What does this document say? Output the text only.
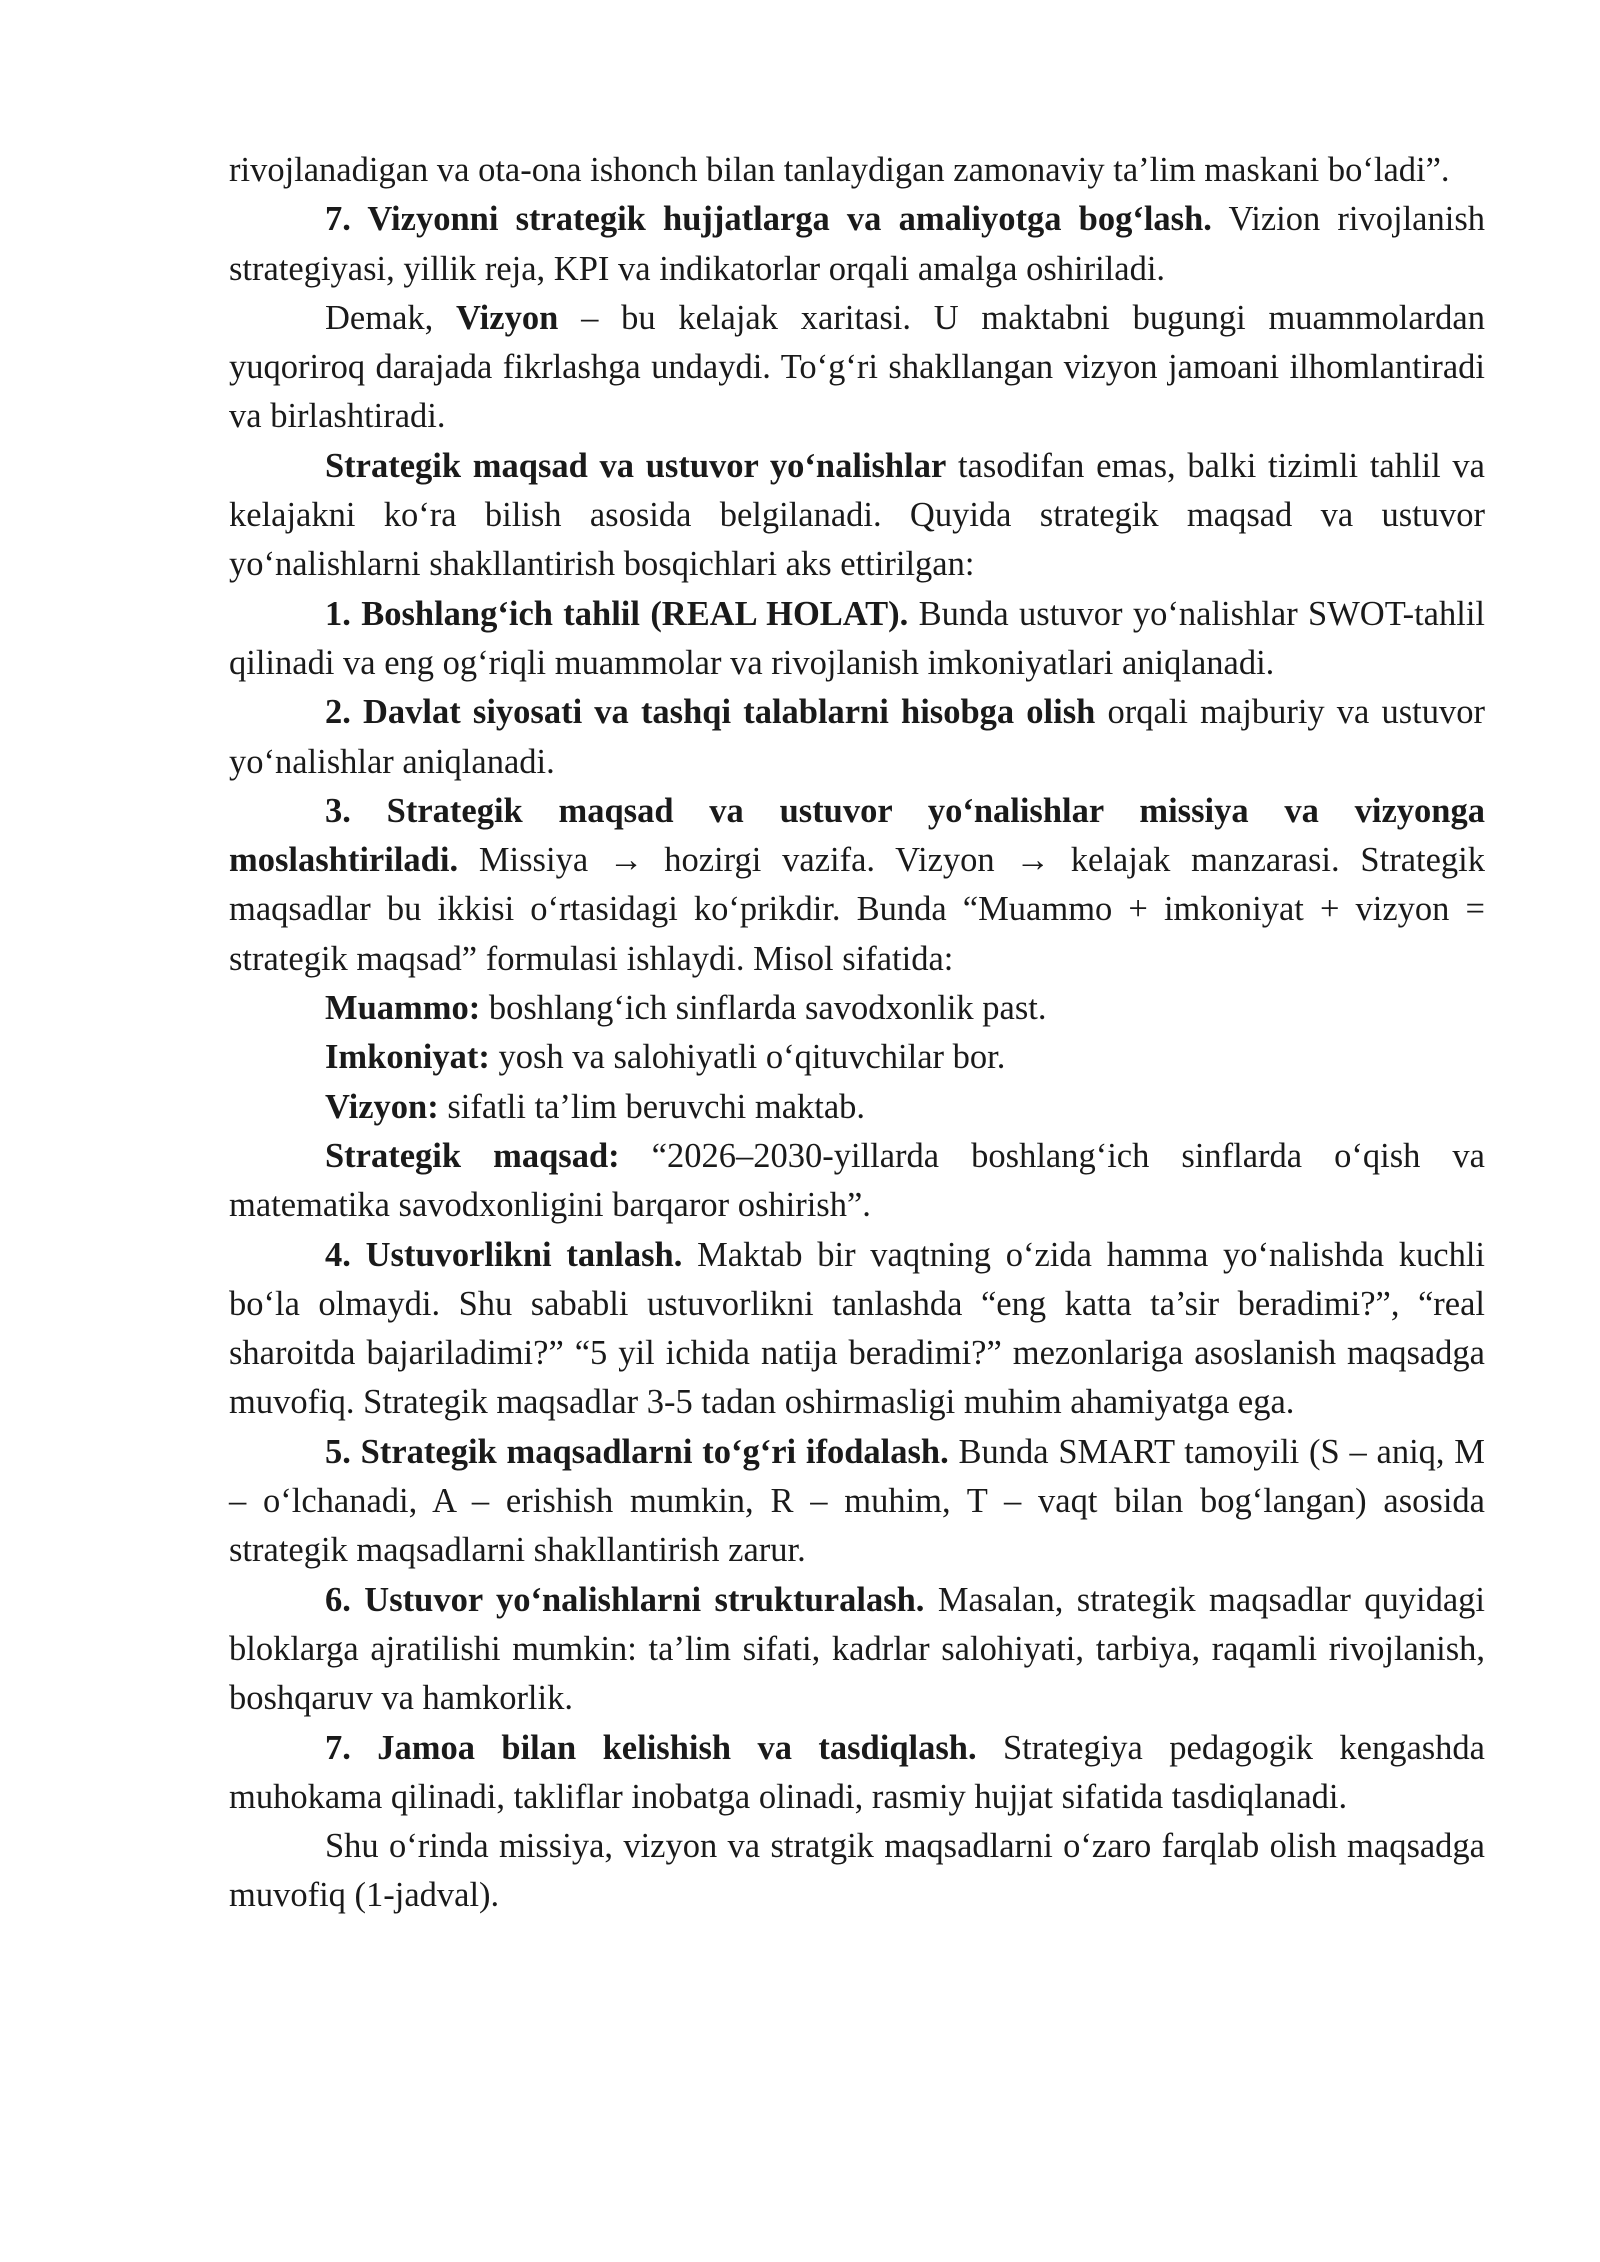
rivojlanadigan va ota-ona ishonch bilan tanlaydigan zamonaviy ta’lim maskani bo‘ladi”.

7. Vizyonni strategik hujjatlarga va amaliyotga bog‘lash. Vizion rivojlanish strategiyasi, yillik reja, KPI va indikatorlar orqali amalga oshiriladi.

Demak, Vizyon – bu kelajak xaritasi. U maktabni bugungi muammolardan yuqoriroq darajada fikrlashga undaydi. To‘g‘ri shakllangan vizyon jamoani ilhomlantiradi va birlashtiradi.

Strategik maqsad va ustuvor yo‘nalishlar tasodifan emas, balki tizimli tahlil va kelajakni ko‘ra bilish asosida belgilanadi. Quyida strategik maqsad va ustuvor yo‘nalishlarni shakllantirish bosqichlari aks ettirilgan:

1. Boshlang‘ich tahlil (REAL HOLAT). Bunda ustuvor yo‘nalishlar SWOT-tahlil qilinadi va eng og‘riqli muammolar va rivojlanish imkoniyatlari aniqlanadi.

2. Davlat siyosati va tashqi talablarni hisobga olish orqali majburiy va ustuvor yo‘nalishlar aniqlanadi.

3. Strategik maqsad va ustuvor yo‘nalishlar missiya va vizyonga moslashtiriladi. Missiya → hozirgi vazifa. Vizyon → kelajak manzarasi. Strategik maqsadlar bu ikkisi o‘rtasidagi ko‘prikdir. Bunda “Muammo + imkoniyat + vizyon = strategik maqsad” formulasi ishlaydi. Misol sifatida:

Muammo: boshlang‘ich sinflarda savodxonlik past.

Imkoniyat: yosh va salohiyatli o‘qituvchilar bor.

Vizyon: sifatli ta’lim beruvchi maktab.

Strategik maqsad: “2026–2030-yillarda boshlang‘ich sinflarda o‘qish va matematika savodxonligini barqaror oshirish”.

4. Ustuvorlikni tanlash. Maktab bir vaqtning o‘zida hamma yo‘nalishda kuchli bo‘la olmaydi. Shu sababli ustuvorlikni tanlashda “eng katta ta’sir beradimi?”, “real sharoitda bajariladimi?” “5 yil ichida natija beradimi?” mezonlariga asoslanish maqsadga muvofiq. Strategik maqsadlar 3-5 tadan oshirmasligi muhim ahamiyatga ega.

5. Strategik maqsadlarni to‘g‘ri ifodalash. Bunda SMART tamoyili (S – aniq, M – o‘lchanadi, A – erishish mumkin, R – muhim, T – vaqt bilan bog‘langan) asosida strategik maqsadlarni shakllantirish zarur.

6. Ustuvor yo‘nalishlarni strukturalash. Masalan, strategik maqsadlar quyidagi bloklarga ajratilishi mumkin: ta’lim sifati, kadrlar salohiyati, tarbiya, raqamli rivojlanish, boshqaruv va hamkorlik.

7. Jamoa bilan kelishish va tasdiqlash. Strategiya pedagogik kengashda muhokama qilinadi, takliflar inobatga olinadi, rasmiy hujjat sifatida tasdiqlanadi.

Shu o‘rinda missiya, vizyon va stratgik maqsadlarni o‘zaro farqlab olish maqsadga muvofiq (1-jadval).
